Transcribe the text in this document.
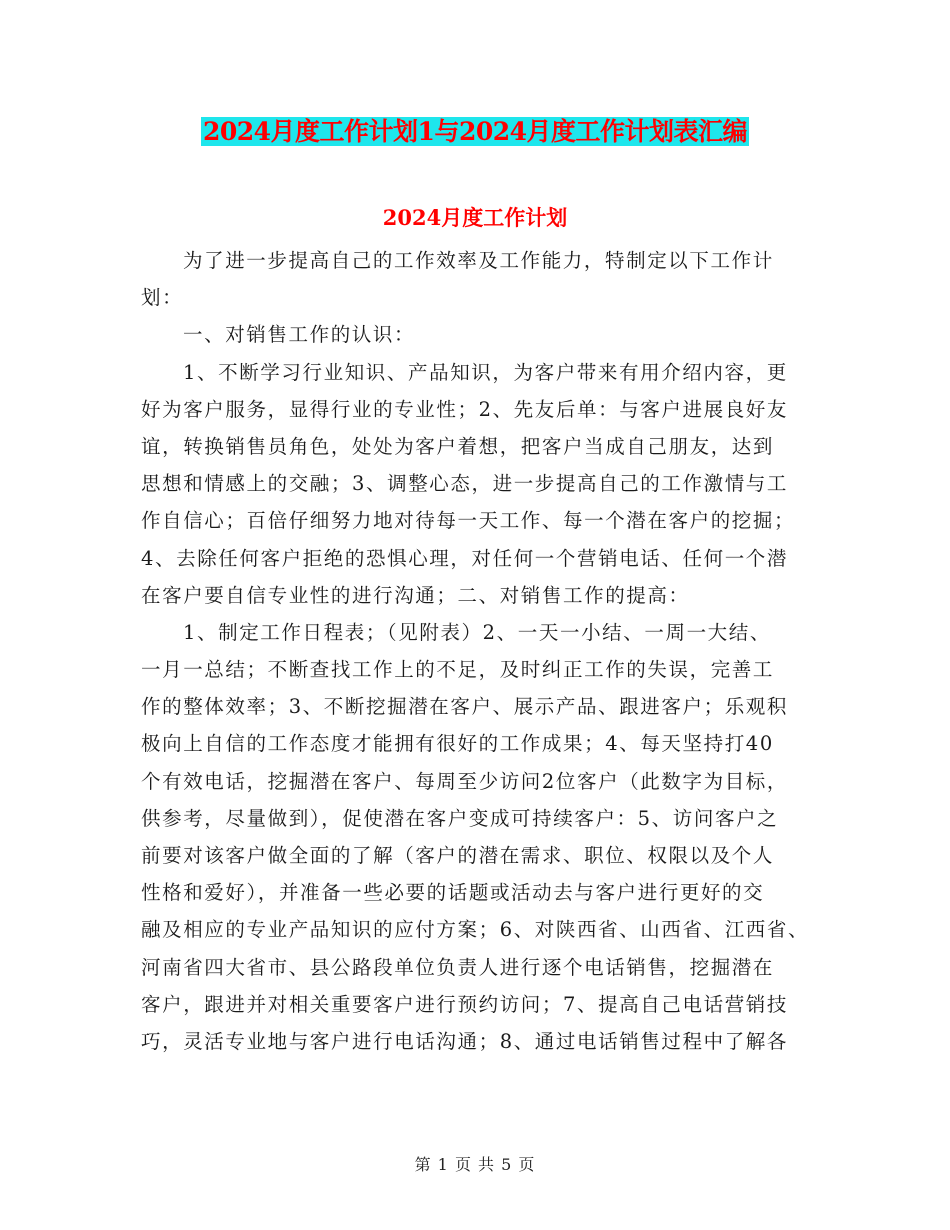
2024月度工作计划1与2024月度工作计划表汇编
2024月度工作计划
为了进一步提高自己的工作效率及工作能力，特制定以下工作计
划：
一、对销售工作的认识：
1、不断学习行业知识、产品知识，为客户带来有用介绍内容，更
好为客户服务，显得行业的专业性；2、先友后单：与客户进展良好友
谊，转换销售员角色，处处为客户着想，把客户当成自己朋友，达到
思想和情感上的交融；3、调整心态，进一步提高自己的工作激情与工
作自信心；百倍仔细努力地对待每一天工作、每一个潜在客户的挖掘；
4、去除任何客户拒绝的恐惧心理，对任何一个营销电话、任何一个潜
在客户要自信专业性的进行沟通；二、对销售工作的提高：
1、制定工作日程表；（见附表）2、一天一小结、一周一大结、
一月一总结；不断查找工作上的不足，及时纠正工作的失误，完善工
作的整体效率；3、不断挖掘潜在客户、展示产品、跟进客户；乐观积
极向上自信的工作态度才能拥有很好的工作成果；4、每天坚持打40
个有效电话，挖掘潜在客户、每周至少访问2位客户（此数字为目标，
供参考，尽量做到），促使潜在客户变成可持续客户：5、访问客户之
前要对该客户做全面的了解（客户的潜在需求、职位、权限以及个人
性格和爱好），并准备一些必要的话题或活动去与客户进行更好的交
融及相应的专业产品知识的应付方案；6、对陕西省、山西省、江西省、
河南省四大省市、县公路段单位负责人进行逐个电话销售，挖掘潜在
客户，跟进并对相关重要客户进行预约访问；7、提高自己电话营销技
巧，灵活专业地与客户进行电话沟通；8、通过电话销售过程中了解各
第 1 页 共 5 页
